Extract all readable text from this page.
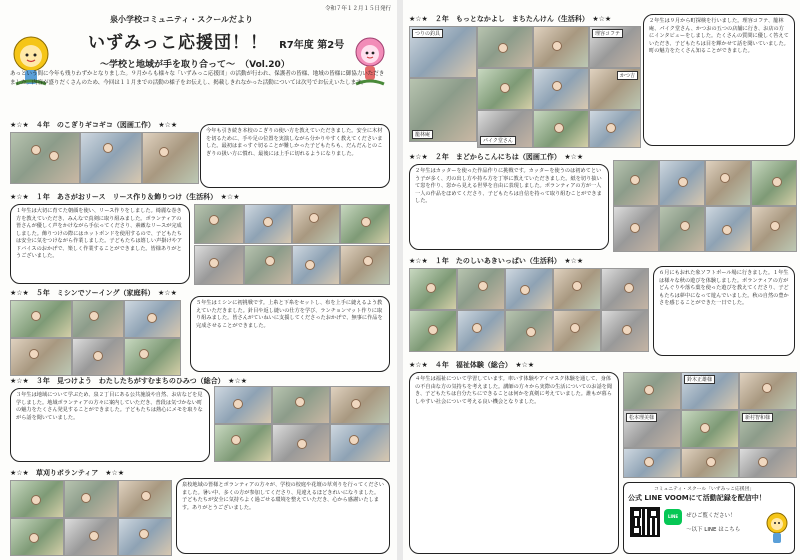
令和７年１２月１５日発行
泉小学校コミュニティ・スクールだより
いずみっこ応援団！！ R7年度 第2号
〜学校と地域が手を取り合って〜 （Vol.20）
あっという間に今年も残りわずかとなりました。９月からも様々な「いずみっこ応援団」の活動が行われ、保護者の皆様、地域の皆様に御協力いただきました。内容が盛りだくさんのため、今回は１１月までの活動の様子をお伝えし、掲載しきれなかった活動については次号でお伝えいたします。
★☆★　４年　のこぎりギコギコ（図画工作）　★☆★
今年も引き続き本校のこぎりの使い方を教えていただきました。安全に木材を切るために、手や足の位置を実演しながら分かりやすく教えてくださいました。最初はまっすぐ切ることが難しかった子どもたちも、だんだんとのこぎりの扱い方に慣れ、最後には上手に切れるようになりました。
★☆★　１年　あさがおリース　リース作り＆飾りつけ（生活科）　★☆★
１年生は大切に育てた朝顔を使い、リース作りをしました。綺麗な巻き方を教えていただき、みんなで真剣に取り組みました。ボランティアの皆さんが優しく声をかけながら手伝ってくださり、素敵なリースが完成しました。飾りつけの際にはホットボンドを使用するので、子どもたちは安全に気をつけながら作業しました。子どもたちは嬉しい声掛けやアドバイスのおかげで、楽しく作業することができました。皆様ありがとうございました。
★☆★　５年　ミシンでソーイング（家庭科）　★☆★
５年生はミシンに初挑戦です。上糸と下糸をセットし、布を上手に縫えるよう教えていただきました。針目や返し縫いの仕方を学び、ランチョンマット作りに取り組みました。皆さんがていねいに支援してくださったおかげで、無事に作品を完成させることができました。
★☆★　３年　見つけよう　わたしたちがすむまちのひみつ（総合）　★☆★
３年生は地域について学ぶため、泉２丁目にある公共施設や自然、お店などを見学しました。地域ボランティアの方々に案内していただき、普段は気づかない町の魅力をたくさん発見することができました。子どもたちは熱心にメモを取りながら話を聞いていました。
★☆★　草刈りボランティア　★☆★
泉校地域の皆様とボランティアの方々が、学校の校庭や花壇の草刈りを行ってくださいました。暑い中、多くの方が参加してくださり、見違えるほどきれいになりました。子どもたちが安全に気持ちよく過ごせる環境を整えていただき、心から感謝いたします。ありがとうございました。
★☆★　２年　もっとなかよし　まちたんけん（生活科）　★☆★
つりの釣具	理容コフテ
かつ吉
籠林庵
パイク堂さん
２年生は９月から町探検を行いました。理容コフテ、籠林庵、パイク堂さん、かつおの五つの店舗に行き、お店の方にインタビューをしました。たくさんの質問に優しく答えていただき、子どもたちは目を輝かせて話を聞いていました。町の魅力をたくさん知ることができました。
★☆★　２年　まどからこんにちは（図画工作）　★☆★
２年生はカッターを使った作品作りに挑戦です。カッターを使うのは初めてという子が多く、刃の出し方や持ち方を丁寧に教えていただきました。紙を切り抜いて窓を作り、窓から見える世界を自由に表現しました。ボランティアの方が一人一人の作品をほめてくださり、子どもたちは自信を持って取り組むことができました。
★☆★　１年　たのしいあきいっぱい（生活科）　★☆★
６月にもおれた象ソフトボール場に行きました。１年生は様々な秋の遊びを体験しました。ボランティアの方がどんぐりや落ち葉を使った遊びを教えてくださり、子どもたちは夢中になって遊んでいました。秋の自然の豊かさを感じることができた一日でした。
★☆★　４年　福祉体験（総合）　★☆★
４年生は福祉について学習しています。車いす体験やアイマスク体験を通して、身体の不自由な方の気持ちを考えました。講師の方々から実際の生活についてのお話を聞き、子どもたちは自分たちにできることは何かを真剣に考えていました。誰もが暮らしやすい社会について考える良い機会となりました。
鈴木正雄様
松本理美様	新村智和様
コミュニティ・スクール「いずみっこ応援団」
公式 LINE VOOMにて活動記録を配信中！
LINE	ぜひご覧ください！
〜以下 LINE はこちら
